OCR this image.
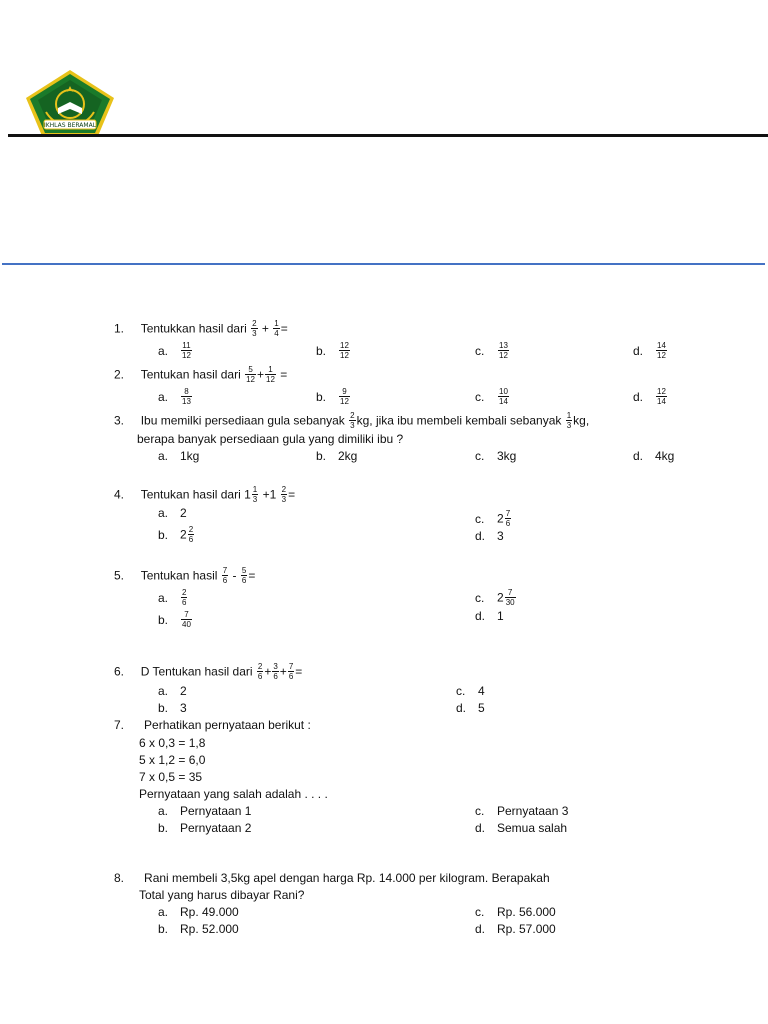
IKHLAS BERAMAL
1. Tentukkan hasil dari $\frac{2}{3} + \frac{1}{4}$ =
a. $\frac{11}{12}$	b. $\frac{12}{12}$	c. $\frac{13}{12}$	d. $\frac{14}{12}$
2. Tentukan hasil dari $\frac{5}{12} + \frac{1}{12}$ =
a. $\frac{8}{13}$	b. $\frac{9}{12}$	c. $\frac{10}{14}$	d. $\frac{12}{14}$
3. Ibu memilki persediaan gula sebanyak $\frac{2}{3}$ kg, jika ibu membeli kembali sebanyak $\frac{1}{3}$ kg,
berapa banyak persediaan gula yang dimiliki ibu ?
a. 1kg	b. 2kg	c. 3kg	d. 4kg
4. Tentukan hasil dari $1 \frac{1}{3} +1 \frac{2}{3}$ =
a. 2
b. $2 \frac{2}{6}$
c. $2 \frac{7}{6}$
d. 3
5. Tentukan hasil $\frac{7}{6} - \frac{5}{6}$ =
a. $\frac{2}{6}$
b. $\frac{7}{40}$
c. $2 \frac{7}{30}$
d. 1
6. D Tentukan hasil dari $\frac{2}{6} + \frac{3}{6} + \frac{7}{6}$ =
a. 2
b. 3
c. 4
d. 5
7. Perhatikan pernyataan berikut :
6 x 0,3 = 1,8
5 x 1,2 = 6,0
7 x 0,5 = 35
Pernyataan yang salah adalah . . . .
a. Pernyataan 1
b. Pernyataan 2
c. Pernyataan 3
d. Semua salah
8. Rani membeli 3,5kg apel dengan harga Rp. 14.000 per kilogram. Berapakah
Total yang harus dibayar Rani?
a. Rp. 49.000
b. Rp. 52.000
c. Rp. 56.000
d. Rp. 57.000
